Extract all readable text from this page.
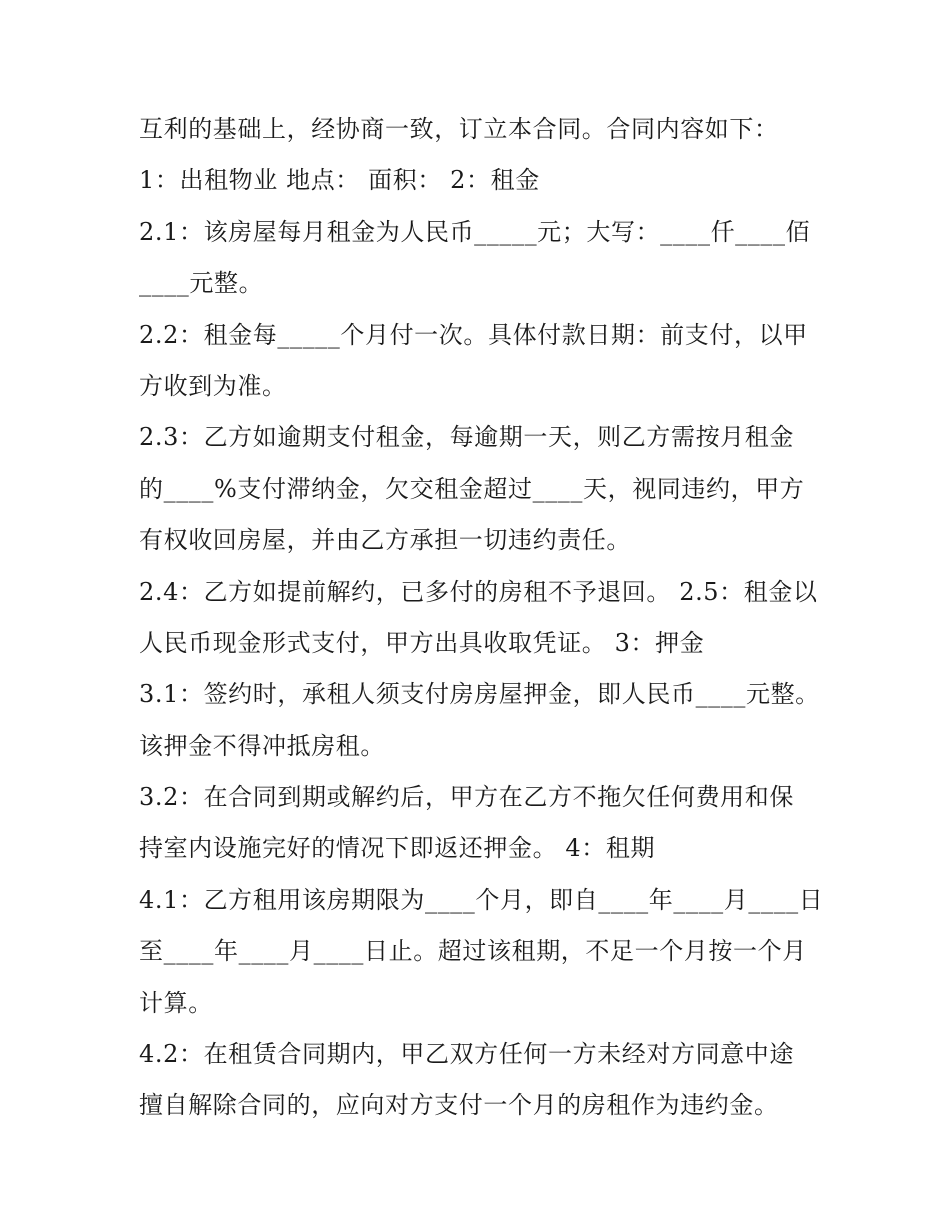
互利的基础上，经协商一致，订立本合同。合同内容如下：
1：出租物业 地点： 面积： 2：租金
2.1：该房屋每月租金为人民币_____元；大写：____仟____佰
____元整。
2.2：租金每_____个月付一次。具体付款日期：前支付，以甲
方收到为准。
2.3：乙方如逾期支付租金，每逾期一天，则乙方需按月租金
的____%支付滞纳金，欠交租金超过____天，视同违约，甲方
有权收回房屋，并由乙方承担一切违约责任。
2.4：乙方如提前解约，已多付的房租不予退回。 2.5：租金以
人民币现金形式支付，甲方出具收取凭证。 3：押金
3.1：签约时，承租人须支付房房屋押金，即人民币____元整。
该押金不得冲抵房租。
3.2：在合同到期或解约后，甲方在乙方不拖欠任何费用和保
持室内设施完好的情况下即返还押金。 4：租期
4.1：乙方租用该房期限为____个月，即自____年____月____日
至____年____月____日止。超过该租期，不足一个月按一个月
计算。
4.2：在租赁合同期内，甲乙双方任何一方未经对方同意中途
擅自解除合同的，应向对方支付一个月的房租作为违约金。
